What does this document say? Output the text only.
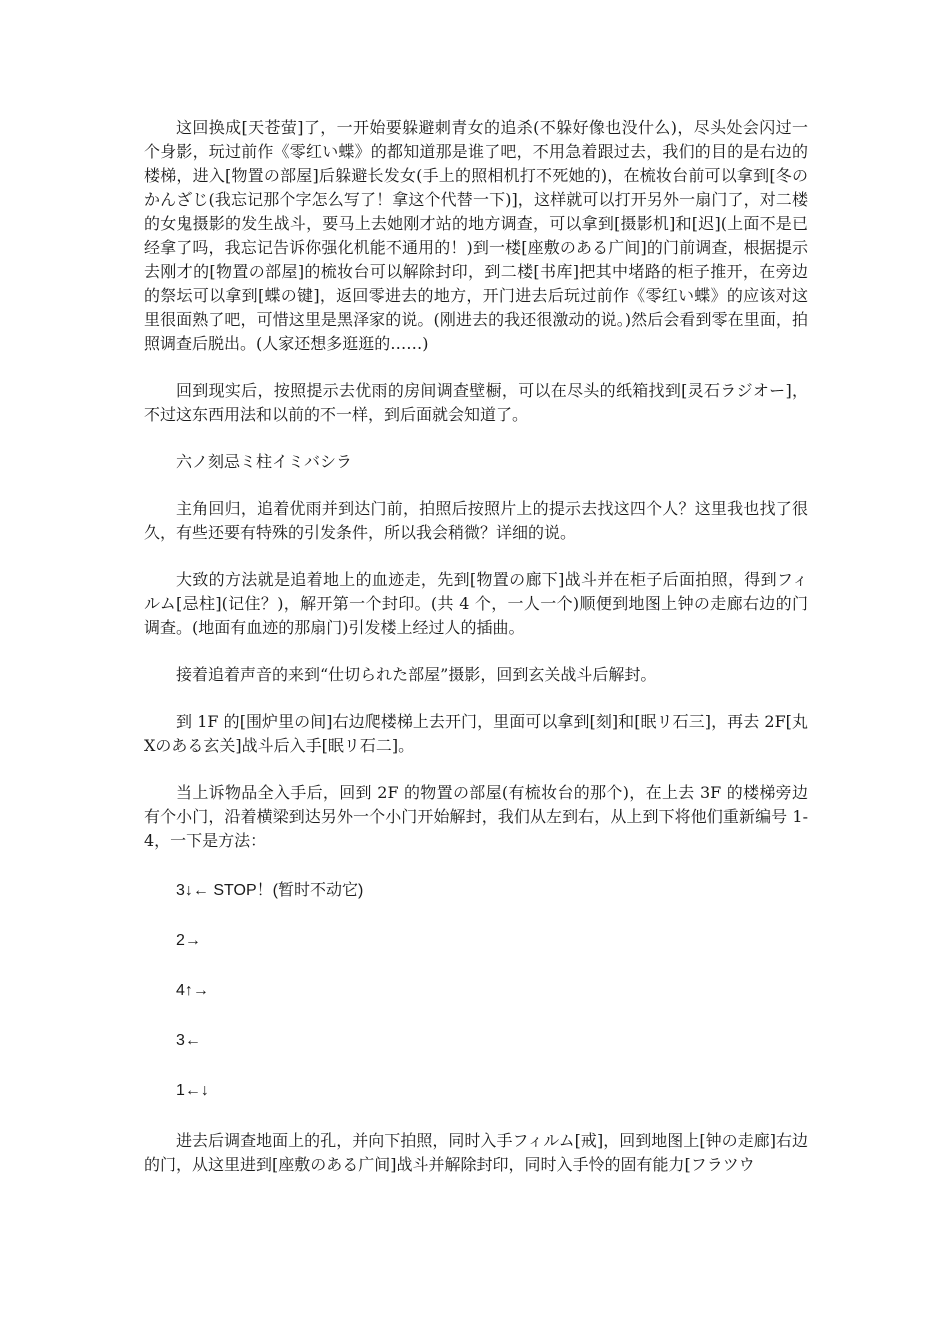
这回换成[天苍萤]了，一开始要躲避刺青女的追杀(不躲好像也没什么)，尽头处会闪过一个身影，玩过前作《零红い蝶》的都知道那是谁了吧，不用急着跟过去，我们的目的是右边的楼梯，进入[物置の部屋]后躲避长发女(手上的照相机打不死她的)，在梳妆台前可以拿到[冬のかんざじ(我忘记那个字怎么写了！拿这个代替一下)]，这样就可以打开另外一扇门了，对二楼的女鬼摄影的发生战斗，要马上去她刚才站的地方调查，可以拿到[摄影机]和[迟](上面不是已经拿了吗，我忘记告诉你强化机能不通用的！)到一楼[座敷のある广间]的门前调查，根据提示去刚才的[物置の部屋]的梳妆台可以解除封印，到二楼[书库]把其中堵路的柜子推开，在旁边的祭坛可以拿到[蝶の键]，返回零进去的地方，开门进去后玩过前作《零红い蝶》的应该对这里很面熟了吧，可惜这里是黑泽家的说。(刚进去的我还很激动的说。)然后会看到零在里面，拍照调查后脱出。(人家还想多逛逛的……)

回到现实后，按照提示去优雨的房间调查壁橱，可以在尽头的纸箱找到[灵石ラジオー]，不过这东西用法和以前的不一样，到后面就会知道了。

六ノ刻忌ミ柱イミバシラ

主角回归，追着优雨并到达门前，拍照后按照片上的提示去找这四个人？这里我也找了很久，有些还要有特殊的引发条件，所以我会稍微？详细的说。

大致的方法就是追着地上的血迹走，先到[物置の廊下]战斗并在柜子后面拍照，得到フィルム[忌柱](记住？)，解开第一个封印。(共 4 个，一人一个)顺便到地图上钟の走廊右边的门调查。(地面有血迹的那扇门)引发楼上经过人的插曲。

接着追着声音的来到“仕切られた部屋”摄影，回到玄关战斗后解封。

到 1F 的[围炉里の间]右边爬楼梯上去开门，里面可以拿到[刻]和[眠リ石三]，再去 2F[丸Xのある玄关]战斗后入手[眠リ石二]。

当上诉物品全入手后，回到 2F 的物置の部屋(有梳妆台的那个)，在上去 3F 的楼梯旁边有个小门，沿着横梁到达另外一个小门开始解封，我们从左到右，从上到下将他们重新编号 1-4，一下是方法：

3↓← STOP！(暂时不动它)

2→

4↑→

3←

1←↓

进去后调查地面上的孔，并向下拍照，同时入手フィルム[戒]，回到地图上[钟の走廊]右边的门，从这里进到[座敷のある广间]战斗并解除封印，同时入手怜的固有能力[フラツウ
